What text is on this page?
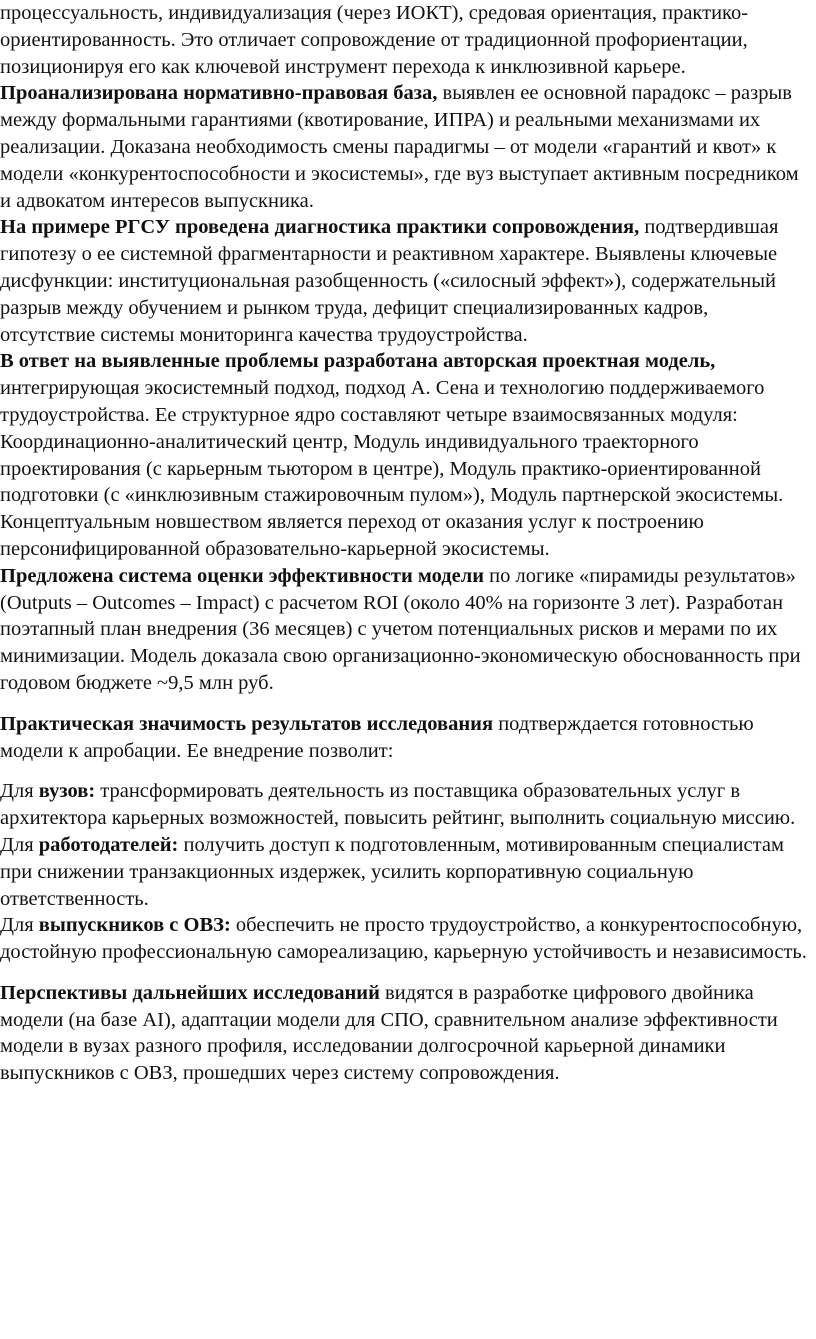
процессуальность, индивидуализация (через ИОКТ), средовая ориентация, практико-ориентированность. Это отличает сопровождение от традиционной профориентации, позиционируя его как ключевой инструмент перехода к инклюзивной карьере.

Проанализирована нормативно-правовая база, выявлен ее основной парадокс – разрыв между формальными гарантиями (квотирование, ИПРА) и реальными механизмами их реализации. Доказана необходимость смены парадигмы – от модели «гарантий и квот» к модели «конкурентоспособности и экосистемы», где вуз выступает активным посредником и адвокатом интересов выпускника.

На примере РГСУ проведена диагностика практики сопровождения, подтвердившая гипотезу о ее системной фрагментарности и реактивном характере. Выявлены ключевые дисфункции: институциональная разобщенность («силосный эффект»), содержательный разрыв между обучением и рынком труда, дефицит специализированных кадров, отсутствие системы мониторинга качества трудоустройства.

В ответ на выявленные проблемы разработана авторская проектная модель, интегрирующая экосистемный подход, подход А. Сена и технологию поддерживаемого трудоустройства. Ее структурное ядро составляют четыре взаимосвязанных модуля: Координационно-аналитический центр, Модуль индивидуального траекторного проектирования (с карьерным тьютором в центре), Модуль практико-ориентированной подготовки (с «инклюзивным стажировочным пулом»), Модуль партнерской экосистемы. Концептуальным новшеством является переход от оказания услуг к построению персонифицированной образовательно-карьерной экосистемы.

Предложена система оценки эффективности модели по логике «пирамиды результатов» (Outputs – Outcomes – Impact) с расчетом ROI (около 40% на горизонте 3 лет). Разработан поэтапный план внедрения (36 месяцев) с учетом потенциальных рисков и мерами по их минимизации. Модель доказала свою организационно-экономическую обоснованность при годовом бюджете ~9,5 млн руб.

Практическая значимость результатов исследования подтверждается готовностью модели к апробации. Ее внедрение позволит:

Для вузов: трансформировать деятельность из поставщика образовательных услуг в архитектора карьерных возможностей, повысить рейтинг, выполнить социальную миссию.

Для работодателей: получить доступ к подготовленным, мотивированным специалистам при снижении транзакционных издержек, усилить корпоративную социальную ответственность.

Для выпускников с ОВЗ: обеспечить не просто трудоустройство, а конкурентоспособную, достойную профессиональную самореализацию, карьерную устойчивость и независимость.

Перспективы дальнейших исследований видятся в разработке цифрового двойника модели (на базе AI), адаптации модели для СПО, сравнительном анализе эффективности модели в вузах разного профиля, исследовании долгосрочной карьерной динамики выпускников с ОВЗ, прошедших через систему сопровождения.
